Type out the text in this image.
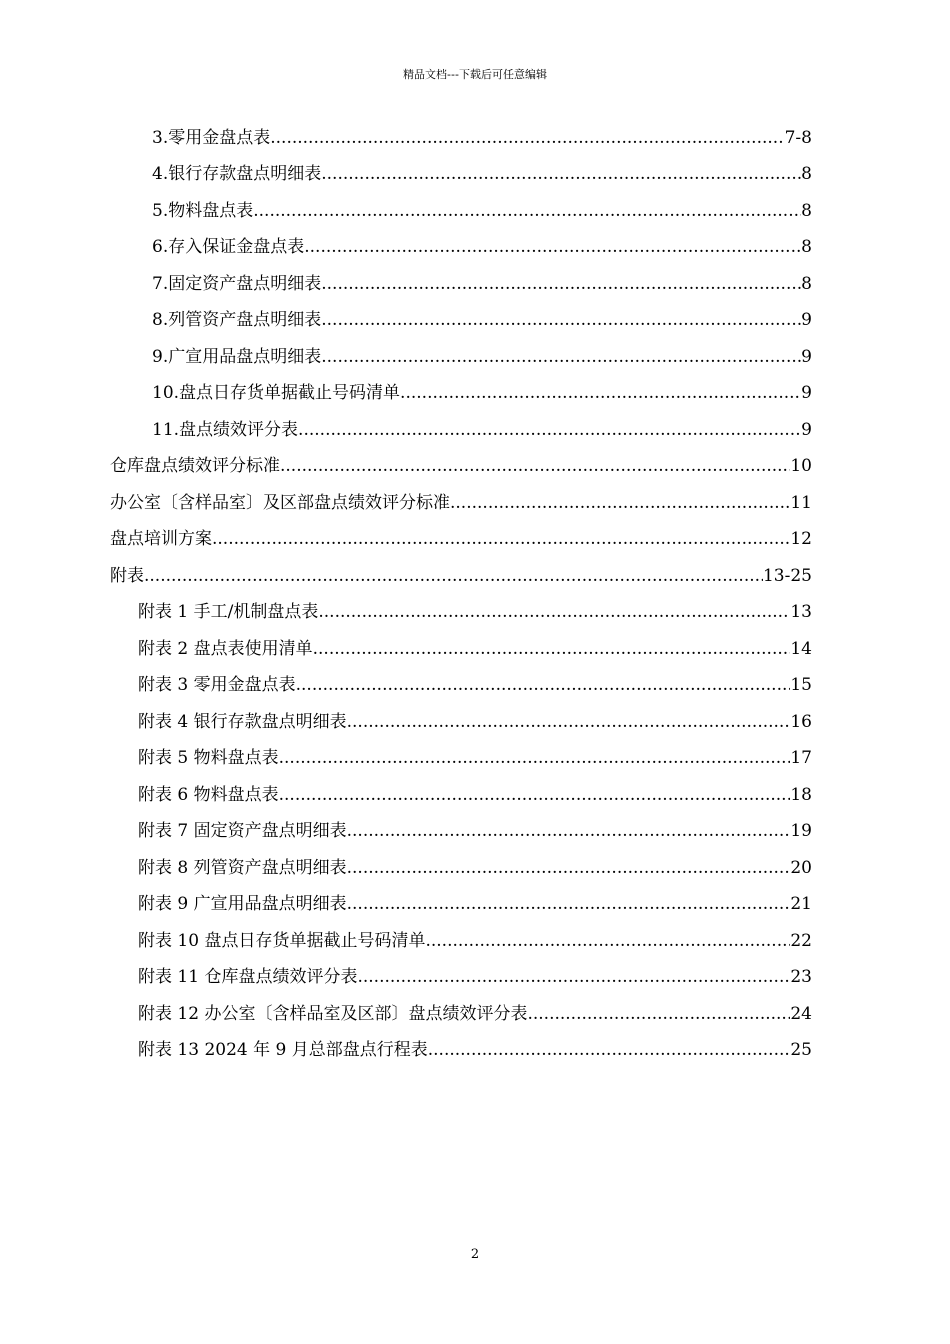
精品文档---下载后可任意编辑
3. 零用金盘点表 .....	7-8
4. 银行存款盘点明细表 .....	8
5. 物料盘点表 .....	8
6. 存入保证金盘点表 .....	8
7. 固定资产盘点明细表 .....	8
8. 列管资产盘点明细表 .....	9
9. 广宣用品盘点明细表 .....	9
10. 盘点日存货单据截止号码清单 .....	9
11. 盘点绩效评分表 .....	9
仓库盘点绩效评分标准 .....	10
办公室〔含样品室〕及区部盘点绩效评分标准 .....	11
盘点培训方案 .....	12
附表 .....	13-25
附表 1 手工/机制盘点表 .....	13
附表 2 盘点表使用清单 .....	14
附表 3 零用金盘点表 .....	15
附表 4 银行存款盘点明细表 .....	16
附表 5 物料盘点表 .....	17
附表 6 物料盘点表 .....	18
附表 7 固定资产盘点明细表 .....	19
附表 8 列管资产盘点明细表 .....	20
附表 9 广宣用品盘点明细表 .....	21
附表 10 盘点日存货单据截止号码清单 .....	22
附表 11 仓库盘点绩效评分表 .....	23
附表 12 办公室〔含样品室及区部〕盘点绩效评分表 .....	24
附表 13 2024 年 9 月总部盘点行程表 .....	25
2
